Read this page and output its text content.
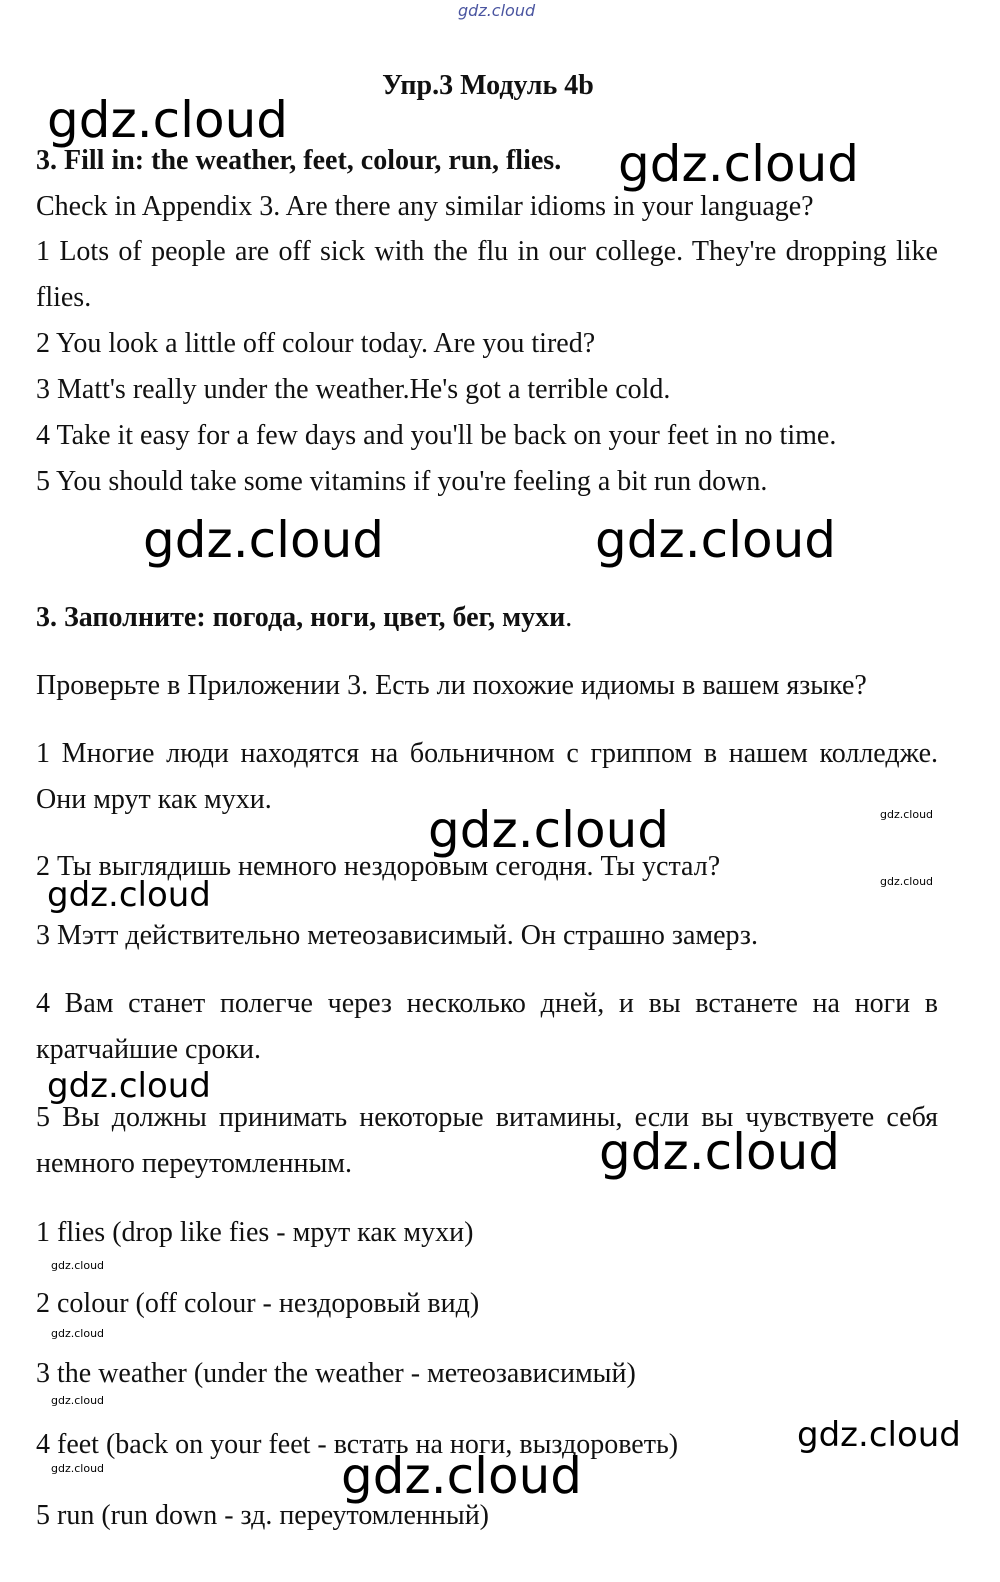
gdz.cloud
Упр.3 Модуль 4b
3. Fill in: the weather, feet, colour, run, flies.
Check in Appendix 3. Are there any similar idioms in your language?
1 Lots of people are off sick with the flu in our college. They're dropping like flies.
2 You look a little off colour today. Are you tired?
3 Matt's really under the weather.He's got a terrible cold.
4 Take it easy for a few days and you'll be back on your feet in no time.
5 You should take some vitamins if you're feeling a bit run down.
3. Заполните: погода, ноги, цвет, бег, мухи.
Проверьте в Приложении 3. Есть ли похожие идиомы в вашем языке?
1 Многие люди находятся на больничном с гриппом в нашем колледже. Они мрут как мухи.
2 Ты выглядишь немного нездоровым сегодня. Ты устал?
3 Мэтт действительно метеозависимый. Он страшно замерз.
4 Вам станет полегче через несколько дней, и вы встанете на ноги в кратчайшие сроки.
5 Вы должны принимать некоторые витамины, если вы чувствуете себя немного переутомленным.
1 flies (drop like fies - мрут как мухи)
2 colour (off colour - нездоровый вид)
3 the weather (under the weather - метеозависимый)
4 feet (back on your feet - встать на ноги, выздороветь)
5 run (run down - зд. переутомленный)
gdz.cloud
gdz.cloud
gdz.cloud	gdz.cloud
gdz.cloud
gdz.cloud
gdz.cloud
gdz.cloud
gdz.cloud
gdz.cloud
gdz.cloud
gdz.cloud
gdz.cloud
gdz.cloud
gdz.cloud
gdz.cloud
